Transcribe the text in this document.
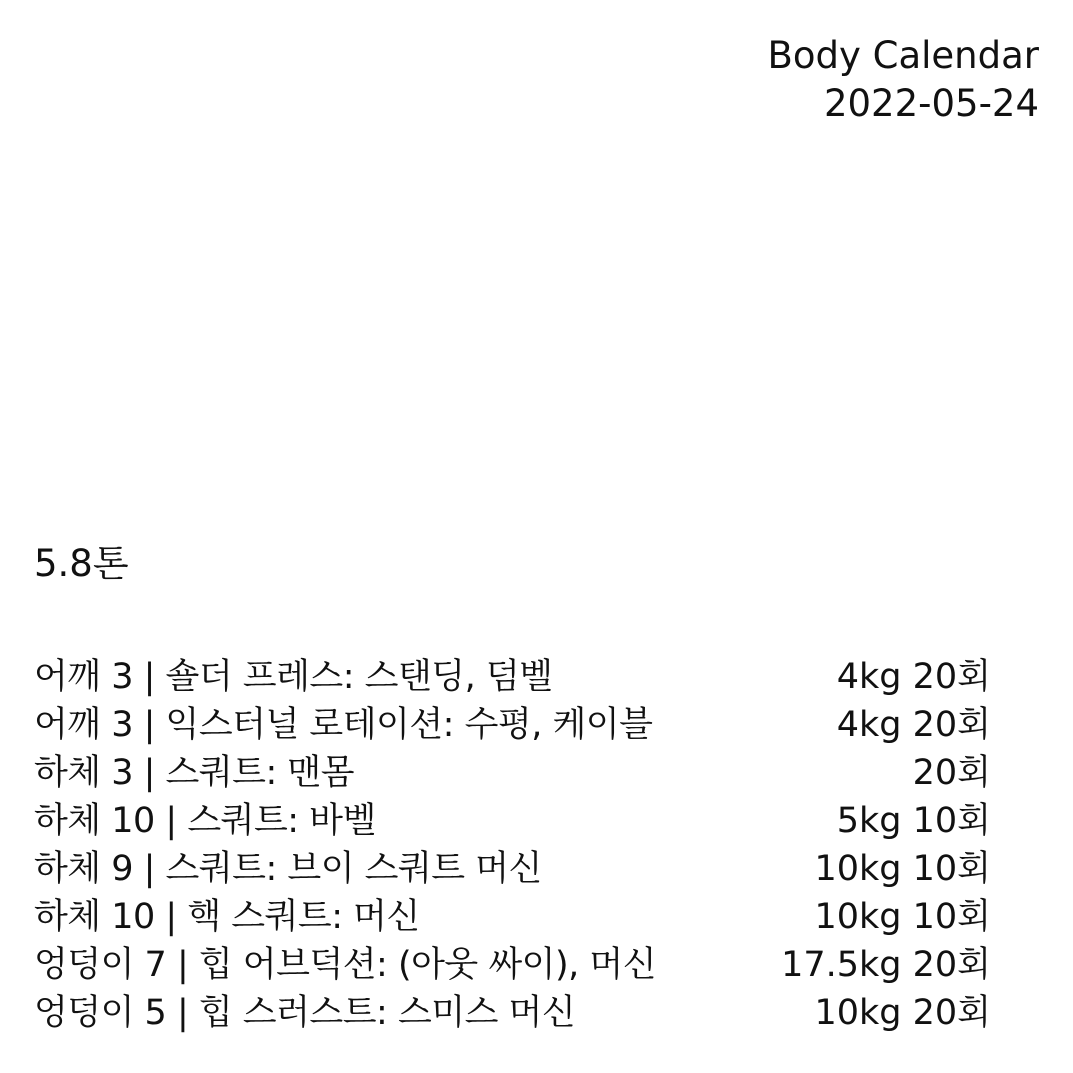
Body Calendar
2022-05-24
5.8톤
어깨 3 | 숄더 프레스: 스탠딩, 덤벨	4kg 20회
어깨 3 | 익스터널 로테이션: 수평, 케이블	4kg 20회
하체 3 | 스쿼트: 맨몸	20회
하체 10 | 스쿼트: 바벨	5kg 10회
하체 9 | 스쿼트: 브이 스쿼트 머신	10kg 10회
하체 10 | 핵 스쿼트: 머신	10kg 10회
엉덩이 7 | 힙 어브덕션: (아웃 싸이), 머신	17.5kg 20회
엉덩이 5 | 힙 스러스트: 스미스 머신	10kg 20회
